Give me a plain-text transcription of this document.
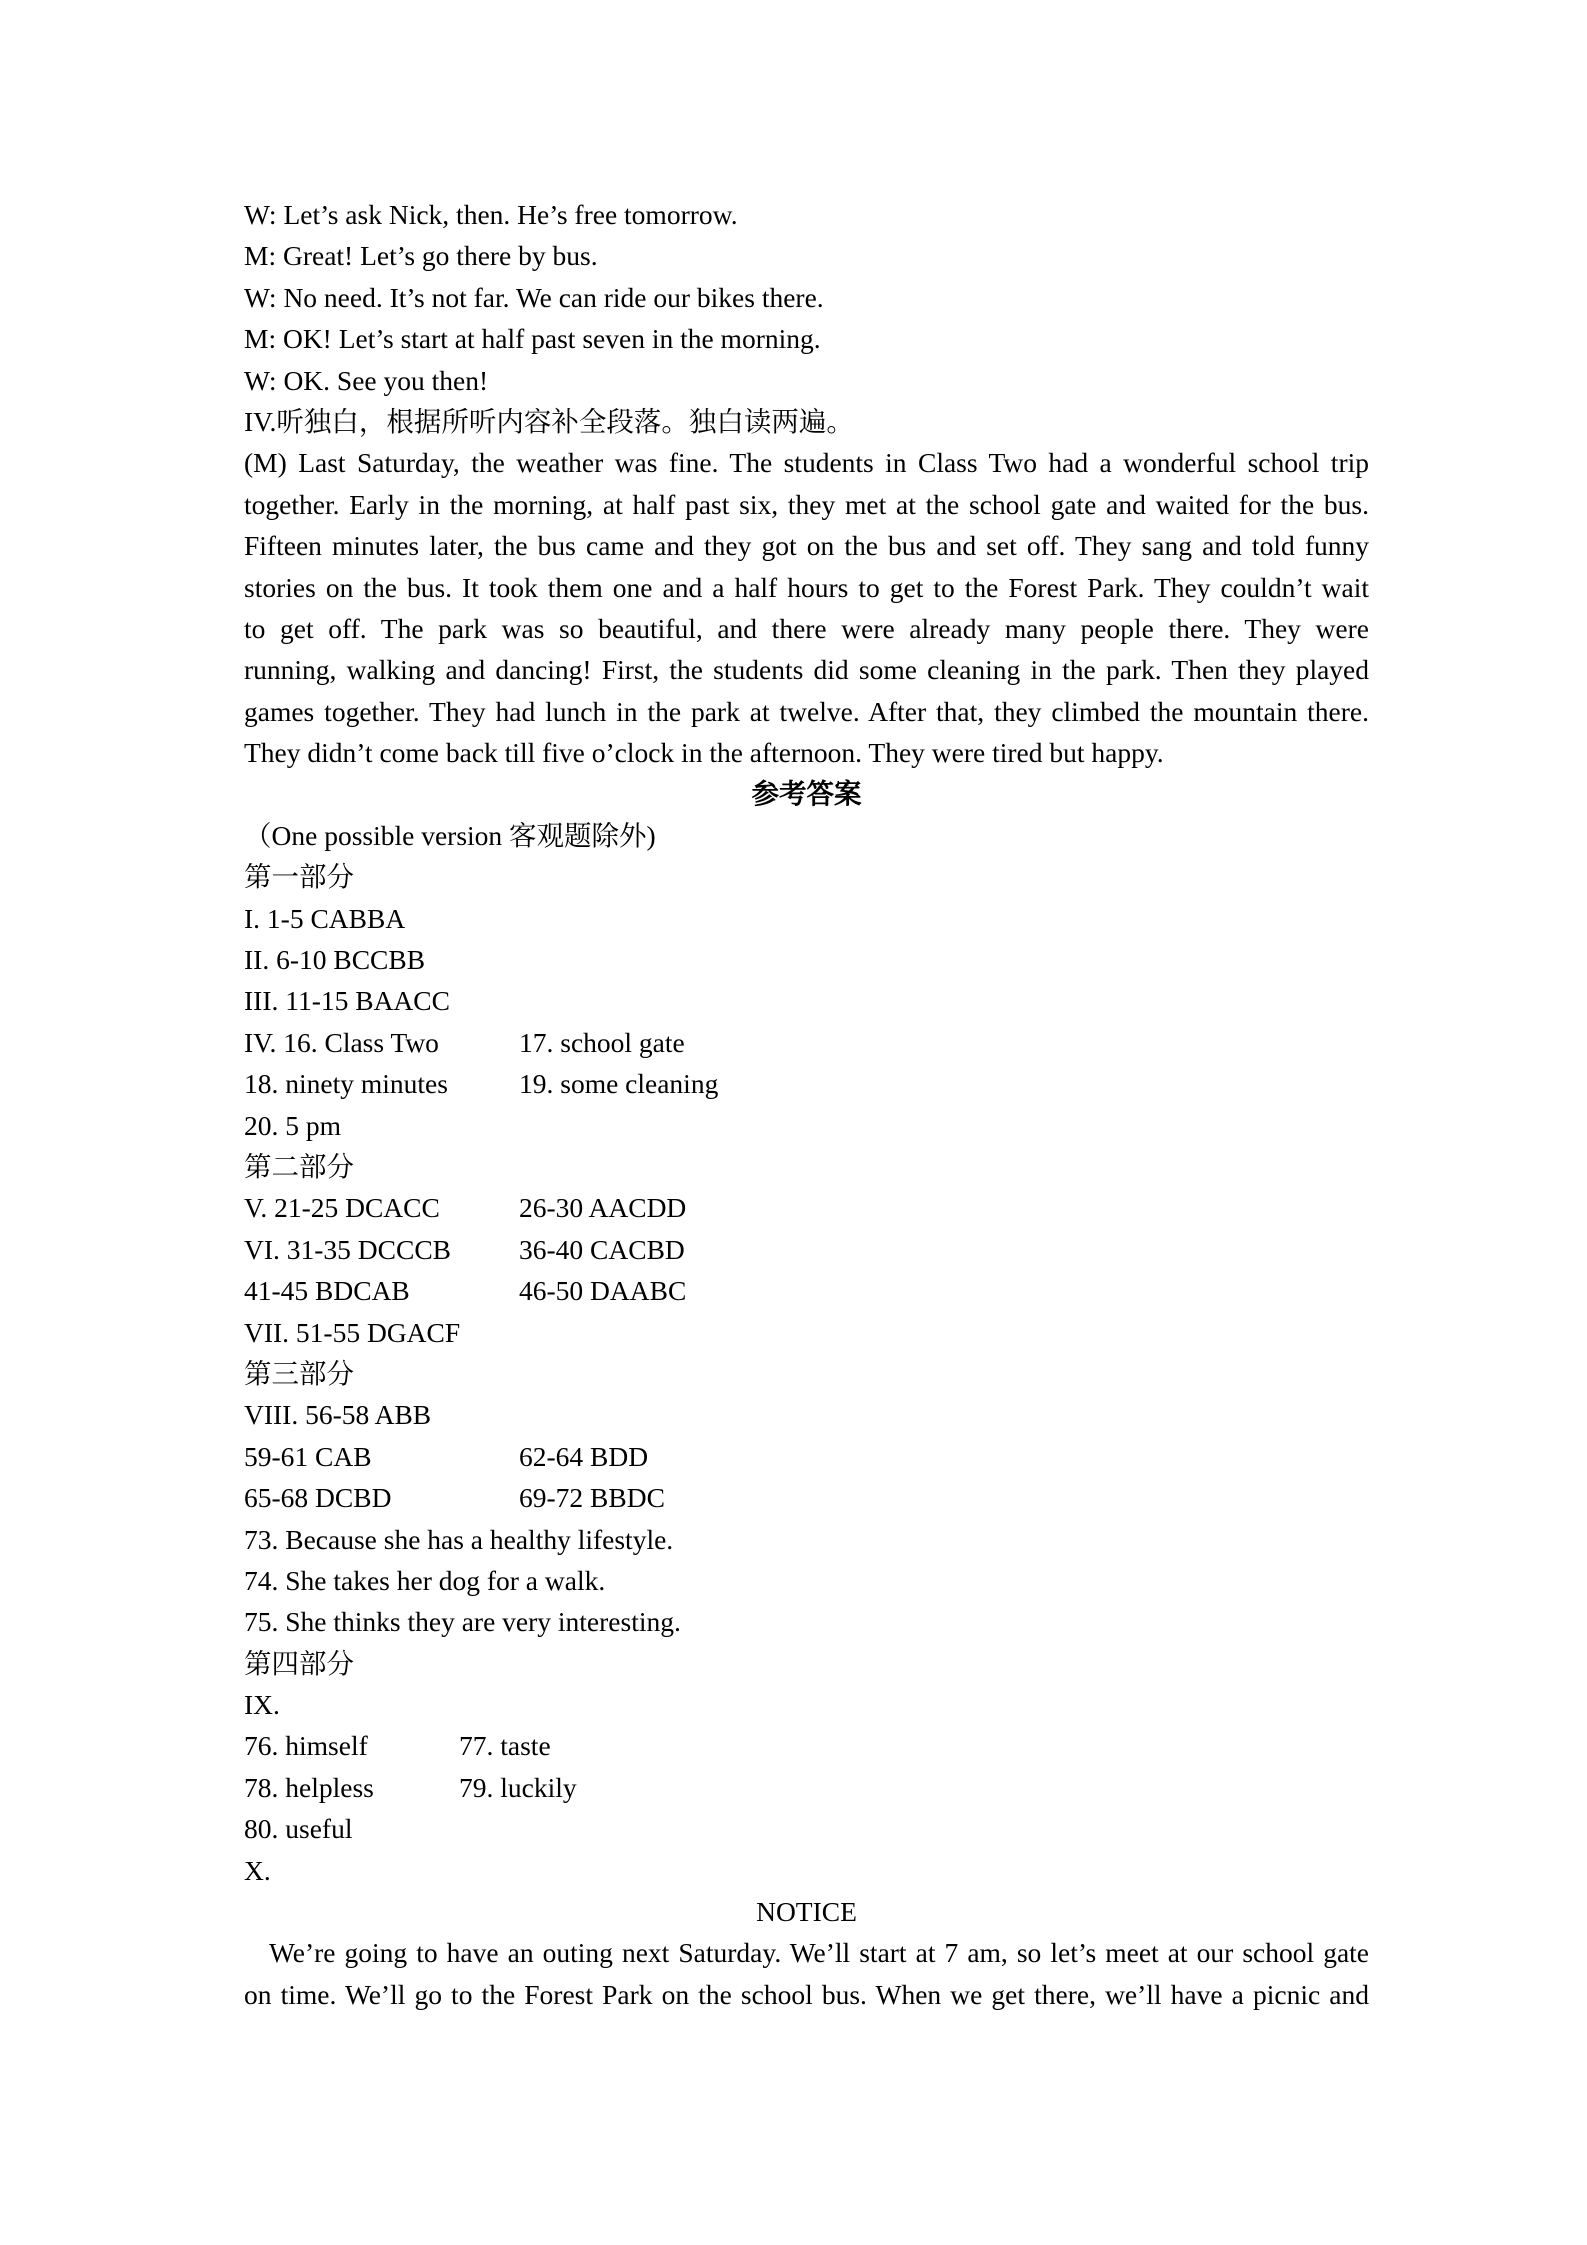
W: Let’s ask Nick, then. He’s free tomorrow.
M: Great! Let’s go there by bus.
W: No need. It’s not far. We can ride our bikes there.
M: OK! Let’s start at half past seven in the morning.
W: OK. See you then!
IV.听独白，根据所听内容补全段落。独白读两遍。
(M) Last Saturday, the weather was fine. The students in Class Two had a wonderful school trip
together. Early in the morning, at half past six, they met at the school gate and waited for the bus.
Fifteen minutes later, the bus came and they got on the bus and set off. They sang and told funny
stories on the bus. It took them one and a half hours to get to the Forest Park. They couldn’t wait
to get off. The park was so beautiful, and there were already many people there. They were
running, walking and dancing! First, the students did some cleaning in the park. Then they played
games together. They had lunch in the park at twelve. After that, they climbed the mountain there.
They didn’t come back till five o’clock in the afternoon. They were tired but happy.
参考答案
（One possible version 客观题除外)
第一部分
I. 1-5 CABBA
II. 6-10 BCCBB
III. 11-15 BAACC
IV. 16. Class Two	17. school gate
18. ninety minutes	19. some cleaning
20. 5 pm
第二部分
V. 21-25 DCACC	26-30 AACDD
VI. 31-35 DCCCB 36-40 CACBD
41-45 BDCAB	46-50 DAABC
VII. 51-55 DGACF
第三部分
VIII. 56-58 ABB
59-61 CAB	62-64 BDD
65-68 DCBD	69-72 BBDC
73. Because she has a healthy lifestyle.
74. She takes her dog for a walk.
75. She thinks they are very interesting.
第四部分
IX.
76. himself	77. taste
78. helpless	79. luckily
80. useful
X.
NOTICE
We’re going to have an outing next Saturday. We’ll start at 7 am, so let’s meet at our school gate
on time. We’ll go to the Forest Park on the school bus. When we get there, we’ll have a picnic and
